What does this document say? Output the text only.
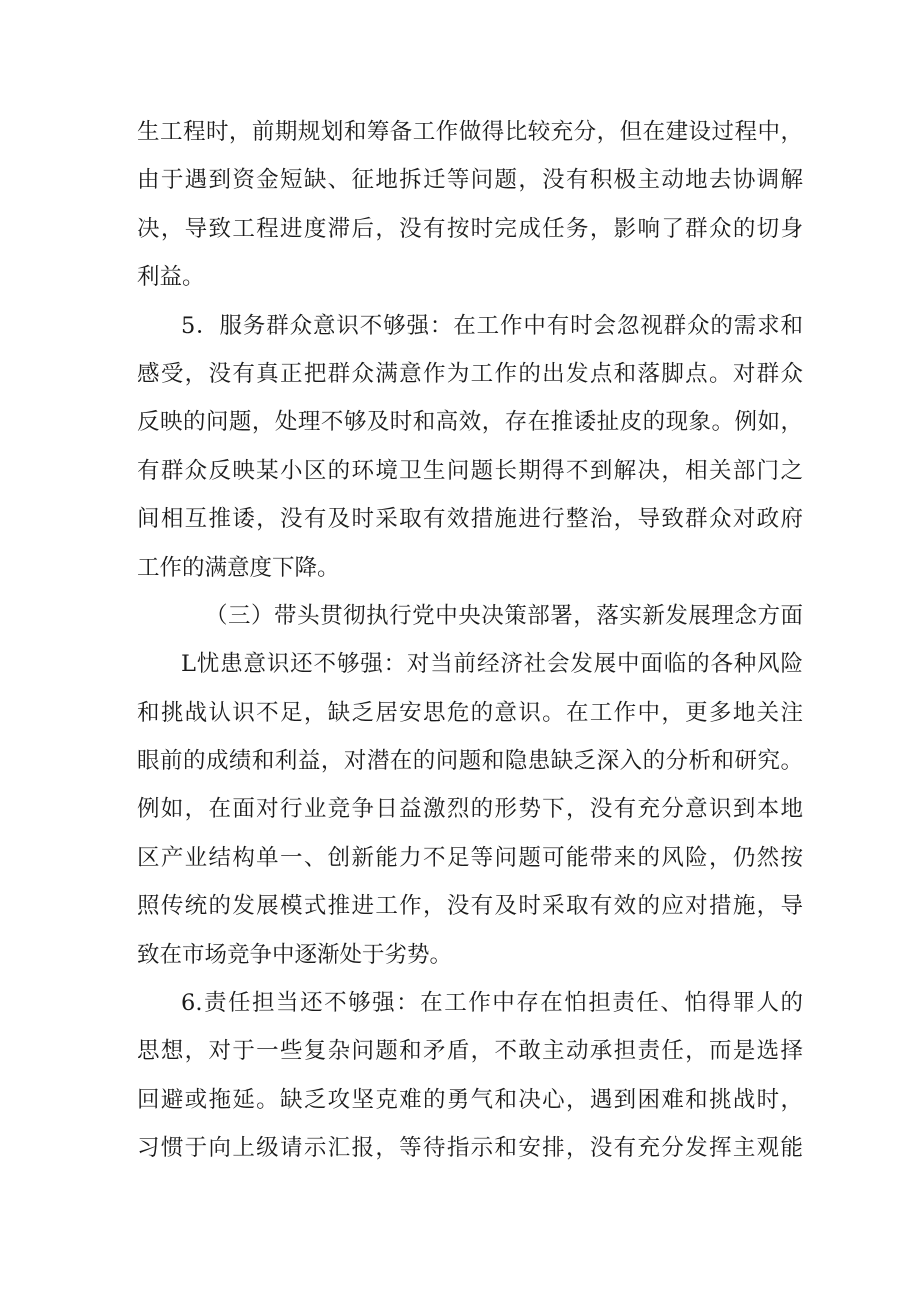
生工程时，前期规划和筹备工作做得比较充分，但在建设过程中，
由于遇到资金短缺、征地拆迁等问题，没有积极主动地去协调解
决，导致工程进度滞后，没有按时完成任务，影响了群众的切身
利益。
5．服务群众意识不够强：在工作中有时会忽视群众的需求和
感受，没有真正把群众满意作为工作的出发点和落脚点。对群众
反映的问题，处理不够及时和高效，存在推诿扯皮的现象。例如，
有群众反映某小区的环境卫生问题长期得不到解决，相关部门之
间相互推诿，没有及时采取有效措施进行整治，导致群众对政府
工作的满意度下降。
（三）带头贯彻执行党中央决策部署，落实新发展理念方面
L忧患意识还不够强：对当前经济社会发展中面临的各种风险
和挑战认识不足，缺乏居安思危的意识。在工作中，更多地关注
眼前的成绩和利益，对潜在的问题和隐患缺乏深入的分析和研究。
例如，在面对行业竞争日益激烈的形势下，没有充分意识到本地
区产业结构单一、创新能力不足等问题可能带来的风险，仍然按
照传统的发展模式推进工作，没有及时采取有效的应对措施，导
致在市场竞争中逐渐处于劣势。
6.责任担当还不够强：在工作中存在怕担责任、怕得罪人的
思想，对于一些复杂问题和矛盾，不敢主动承担责任，而是选择
回避或拖延。缺乏攻坚克难的勇气和决心，遇到困难和挑战时，
习惯于向上级请示汇报，等待指示和安排，没有充分发挥主观能
